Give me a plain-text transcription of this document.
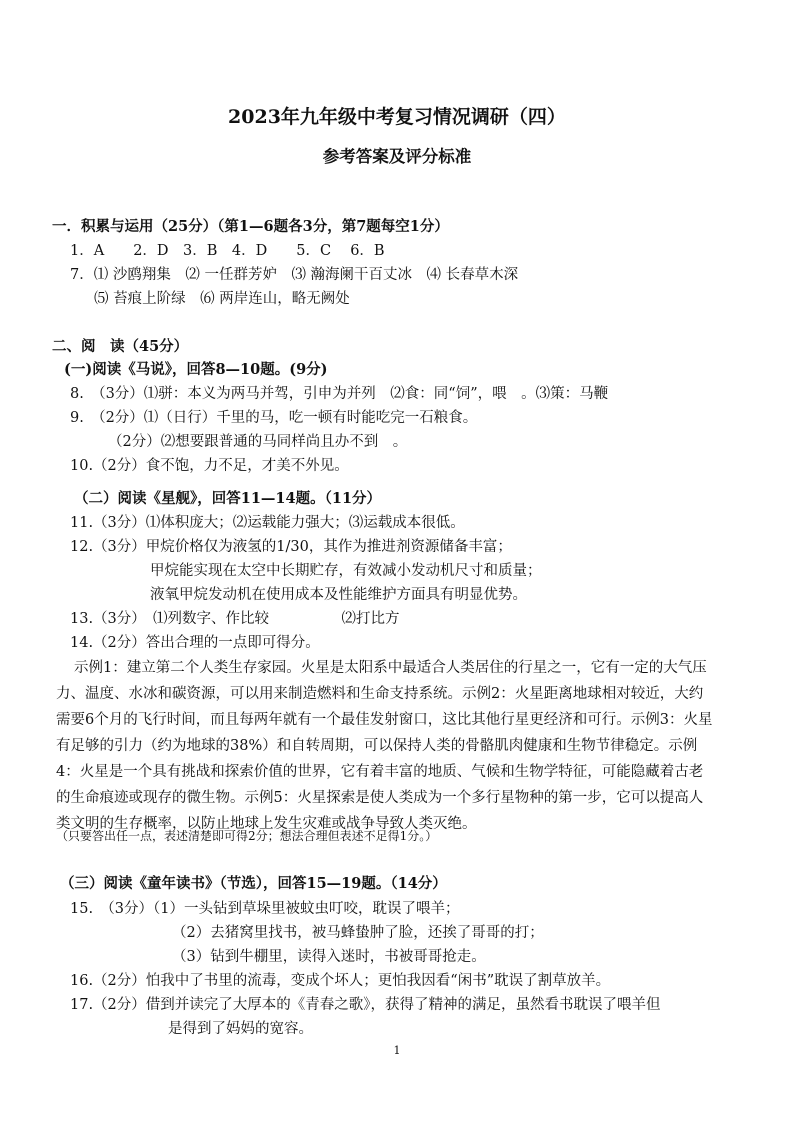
2023年九年级中考复习情况调研（四）
参考答案及评分标准
一．积累与运用（25分）（第1—6题各3分，第7题每空1分）
1．A　　2．D　3．B　4．D　　5．C　 6．B
7．⑴ 沙鸥翔集　⑵ 一任群芳妒　⑶ 瀚海阑干百丈冰　⑷ 长春草木深
⑸ 苔痕上阶绿　⑹ 两岸连山，略无阙处
二、阅　读（45分）
(一)阅读《马说》，回答8—10题。(9分)
8.　（3分）⑴骈：本义为两马并驾，引申为并列　⑵食：同“饲”，喂　。⑶策：马鞭
9.　（2分）⑴（日行）千里的马，吃一顿有时能吃完一石粮食。
（2分）⑵想要跟普通的马同样尚且办不到　。
10.（2分）食不饱，力不足，才美不外见。
（二）阅读《星舰》，回答11—14题。（11分）
11.（3分）⑴体积庞大；⑵运载能力强大；⑶运载成本很低。
12.（3分）甲烷价格仅为液氢的1/30，其作为推进剂资源储备丰富；
甲烷能实现在太空中长期贮存，有效减小发动机尺寸和质量；
液氧甲烷发动机在使用成本及性能维护方面具有明显优势。
13.（3分）　⑴列数字、作比较　　　　　⑵打比方
14.（2分）答出合理的一点即可得分。
示例1：建立第二个人类生存家园。火星是太阳系中最适合人类居住的行星之一，它有一定的大气压力、温度、水冰和碳资源，可以用来制造燃料和生命支持系统。示例2：火星距离地球相对较近，大约需要6个月的飞行时间，而且每两年就有一个最佳发射窗口，这比其他行星更经济和可行。示例3：火星有足够的引力（约为地球的38%）和自转周期，可以保持人类的骨骼肌肉健康和生物节律稳定。示例4：火星是一个具有挑战和探索价值的世界，它有着丰富的地质、气候和生物学特征，可能隐藏着古老的生命痕迹或现存的微生物。示例5：火星探索是使人类成为一个多行星物种的第一步，它可以提高人类文明的生存概率，以防止地球上发生灾难或战争导致人类灭绝。
（只要答出任一点，表述清楚即可得2分；想法合理但表述不足得1分。）
（三）阅读《童年读书》（节选），回答15—19题。（14分）
15.　（3分）（1）一头钻到草垛里被蚊虫叮咬，耽误了喂羊；
（2）去猪窝里找书，被马蜂蛰肿了脸，还挨了哥哥的打；
（3）钻到牛棚里，读得入迷时，书被哥哥抢走。
16.（2分）怕我中了书里的流毒，变成个坏人；更怕我因看“闲书”耽误了割草放羊。
17.（2分）借到并读完了大厚本的《青春之歌》，获得了精神的满足，虽然看书耽误了喂羊但
是得到了妈妈的宽容。
1
